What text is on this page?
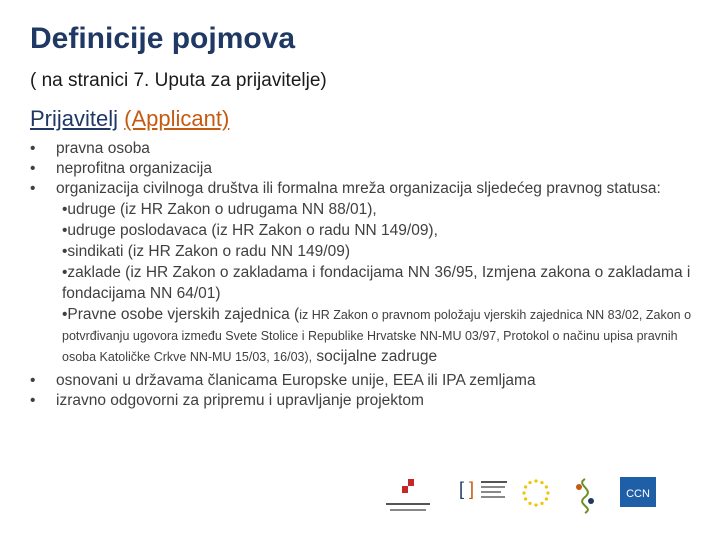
Definicije pojmova
( na stranici 7. Uputa za prijavitelje)
Prijavitelj (Applicant)
• pravna osoba
• neprofitna organizacija
• organizacija civilnoga društva ili formalna mreža organizacija sljedećeg pravnog statusa:
•udruge (iz HR Zakon o udrugama NN 88/01),
•udruge poslodavaca (iz HR Zakon o radu NN 149/09),
•sindikati (iz HR Zakon o radu NN 149/09)
•zaklade (iz HR Zakon o zakladama i fondacijama NN 36/95, Izmjena zakona o zakladama i fondacijama NN 64/01)
•Pravne osobe vjerskih zajednica (iz HR Zakon o pravnom položaju vjerskih zajednica NN 83/02, Zakon o potvrđivanju ugovora između Svete Stolice i Republike Hrvatske NN-MU 03/97, Protokol o načinu upisa pravnih osoba Katoličke Crkve NN-MU 15/03, 16/03), socijalne zadruge
• osnovani u državama članicama Europske unije, EEA ili IPA zemljama
• izravno odgovorni za pripremu i upravljanje projektom
[ ]	CCN
